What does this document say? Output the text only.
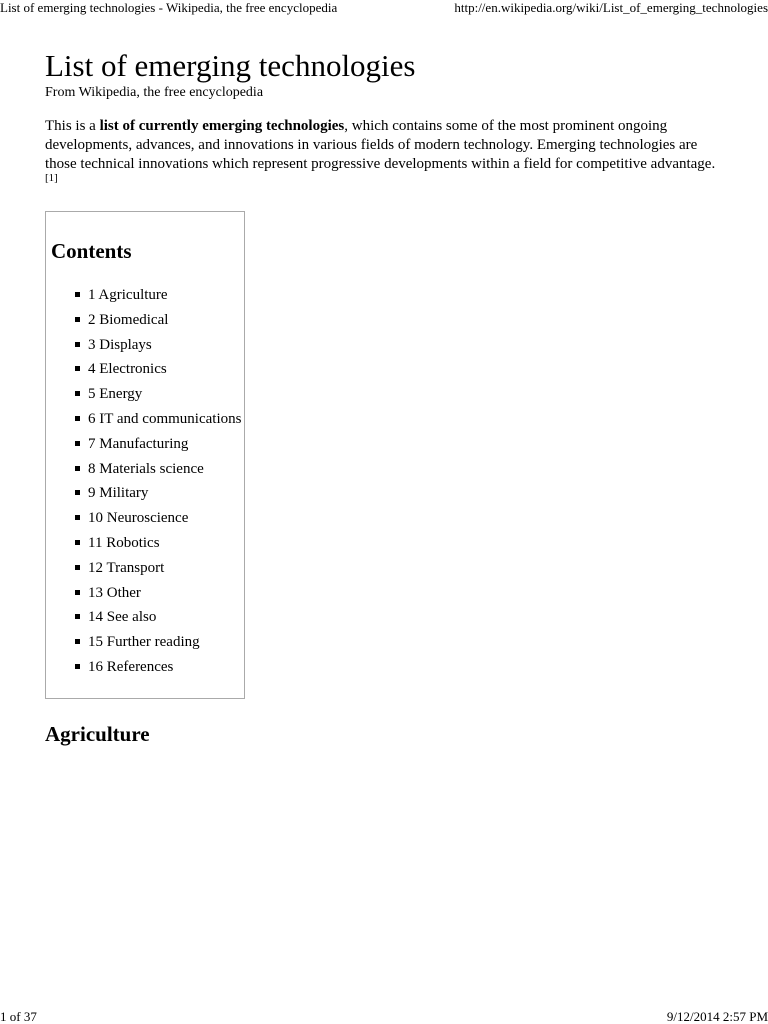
List of emerging technologies - Wikipedia, the free encyclopedia	http://en.wikipedia.org/wiki/List_of_emerging_technologies
List of emerging technologies
From Wikipedia, the free encyclopedia

This is a list of currently emerging technologies, which contains some of the most prominent ongoing developments, advances, and innovations in various fields of modern technology. Emerging technologies are those technical innovations which represent progressive developments within a field for competitive advantage.[1]

Contents
1 Agriculture
2 Biomedical
3 Displays
4 Electronics
5 Energy
6 IT and communications
7 Manufacturing
8 Materials science
9 Military
10 Neuroscience
11 Robotics
12 Transport
13 Other
14 See also
15 Further reading
16 References
Agriculture
1 of 37	9/12/2014 2:57 PM
